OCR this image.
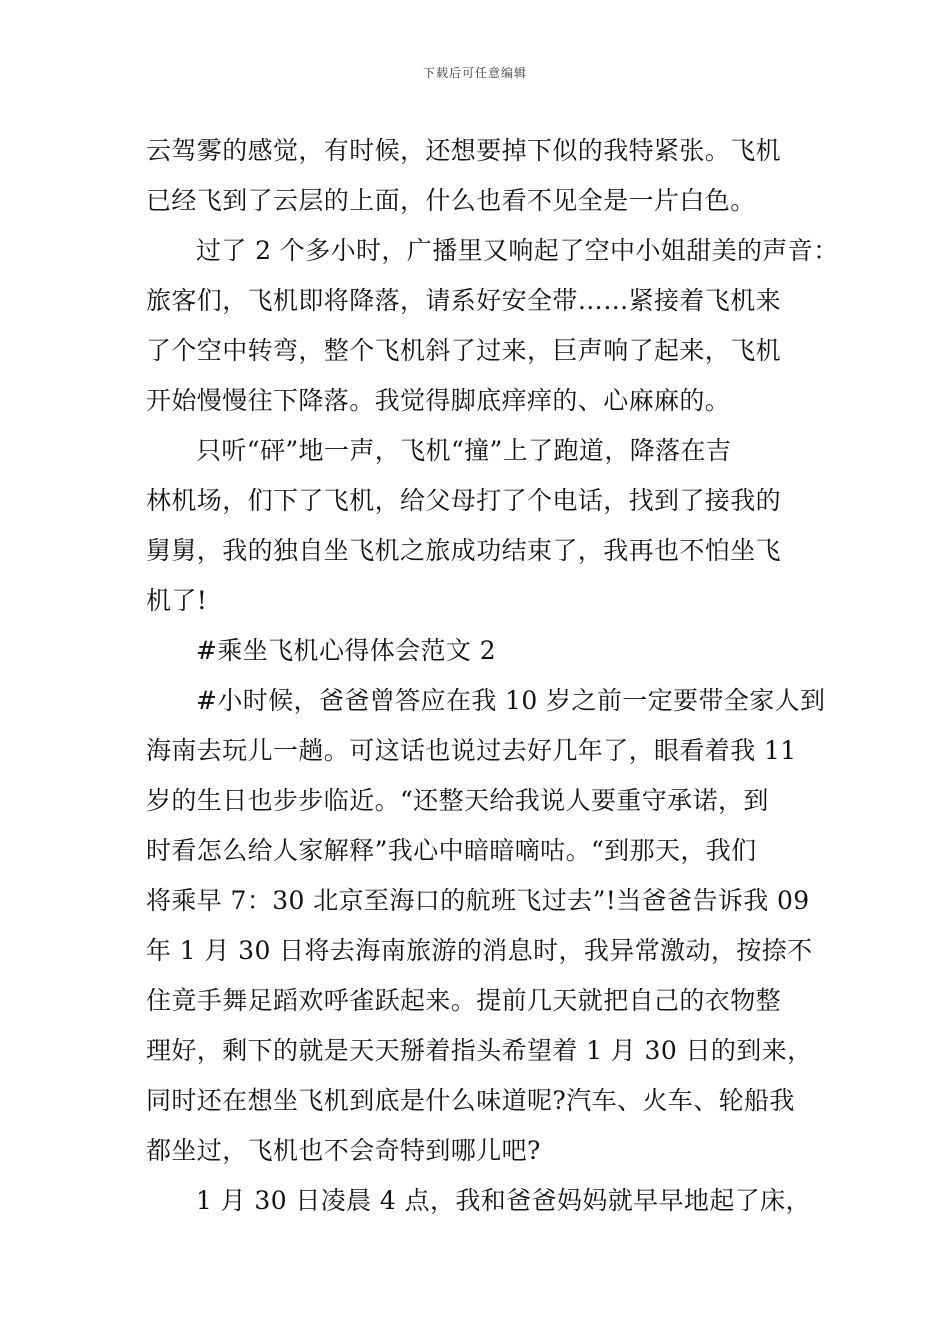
下载后可任意编辑
云驾雾的感觉，有时候，还想要掉下似的我特紧张。飞机
已经飞到了云层的上面，什么也看不见全是一片白色。
过了 2 个多小时，广播里又响起了空中小姐甜美的声音：
旅客们，飞机即将降落，请系好安全带……紧接着飞机来
了个空中转弯，整个飞机斜了过来，巨声响了起来，飞机
开始慢慢往下降落。我觉得脚底痒痒的、心麻麻的。
只听“砰”地一声，飞机“撞”上了跑道，降落在吉
林机场，们下了飞机，给父母打了个电话，找到了接我的
舅舅，我的独自坐飞机之旅成功结束了，我再也不怕坐飞
机了!
#乘坐飞机心得体会范文 2
#小时候，爸爸曾答应在我 10 岁之前一定要带全家人到
海南去玩儿一趟。可这话也说过去好几年了，眼看着我 11
岁的生日也步步临近。“还整天给我说人要重守承诺，到
时看怎么给人家解释”我心中暗暗嘀咕。“到那天，我们
将乘早 7：30 北京至海口的航班飞过去”!当爸爸告诉我 09
年 1 月 30 日将去海南旅游的消息时，我异常激动，按捺不
住竟手舞足蹈欢呼雀跃起来。提前几天就把自己的衣物整
理好，剩下的就是天天掰着指头希望着 1 月 30 日的到来，
同时还在想坐飞机到底是什么味道呢?汽车、火车、轮船我
都坐过，飞机也不会奇特到哪儿吧?
1 月 30 日凌晨 4 点，我和爸爸妈妈就早早地起了床，
